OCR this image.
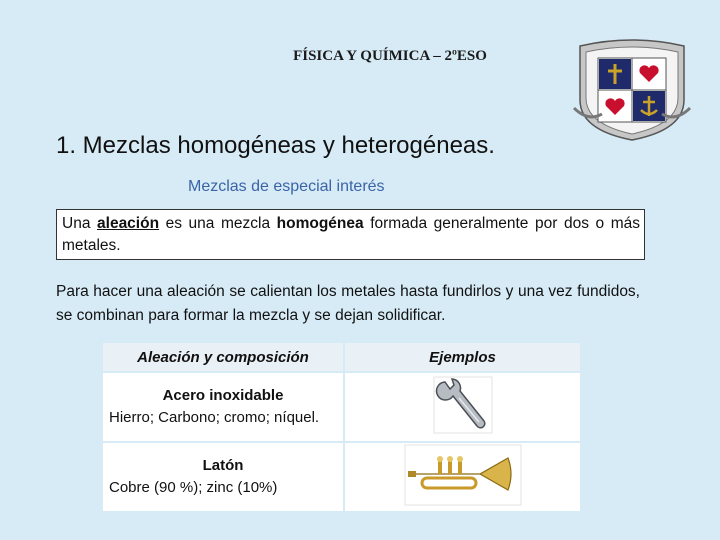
FÍSICA Y QUÍMICA – 2ºESO
1. Mezclas homogéneas y heterogéneas.
Mezclas de especial interés
Una aleación es una mezcla homogénea formada generalmente por dos o más metales.
Para hacer una aleación se calientan los metales hasta fundirlos y una vez fundidos, se combinan para formar la mezcla y se dejan solidificar.
Aleación y composición	Ejemplos

Acero inoxidable
Hierro; Carbono; cromo; níquel.

Latón
Cobre (90 %); zinc (10%)
